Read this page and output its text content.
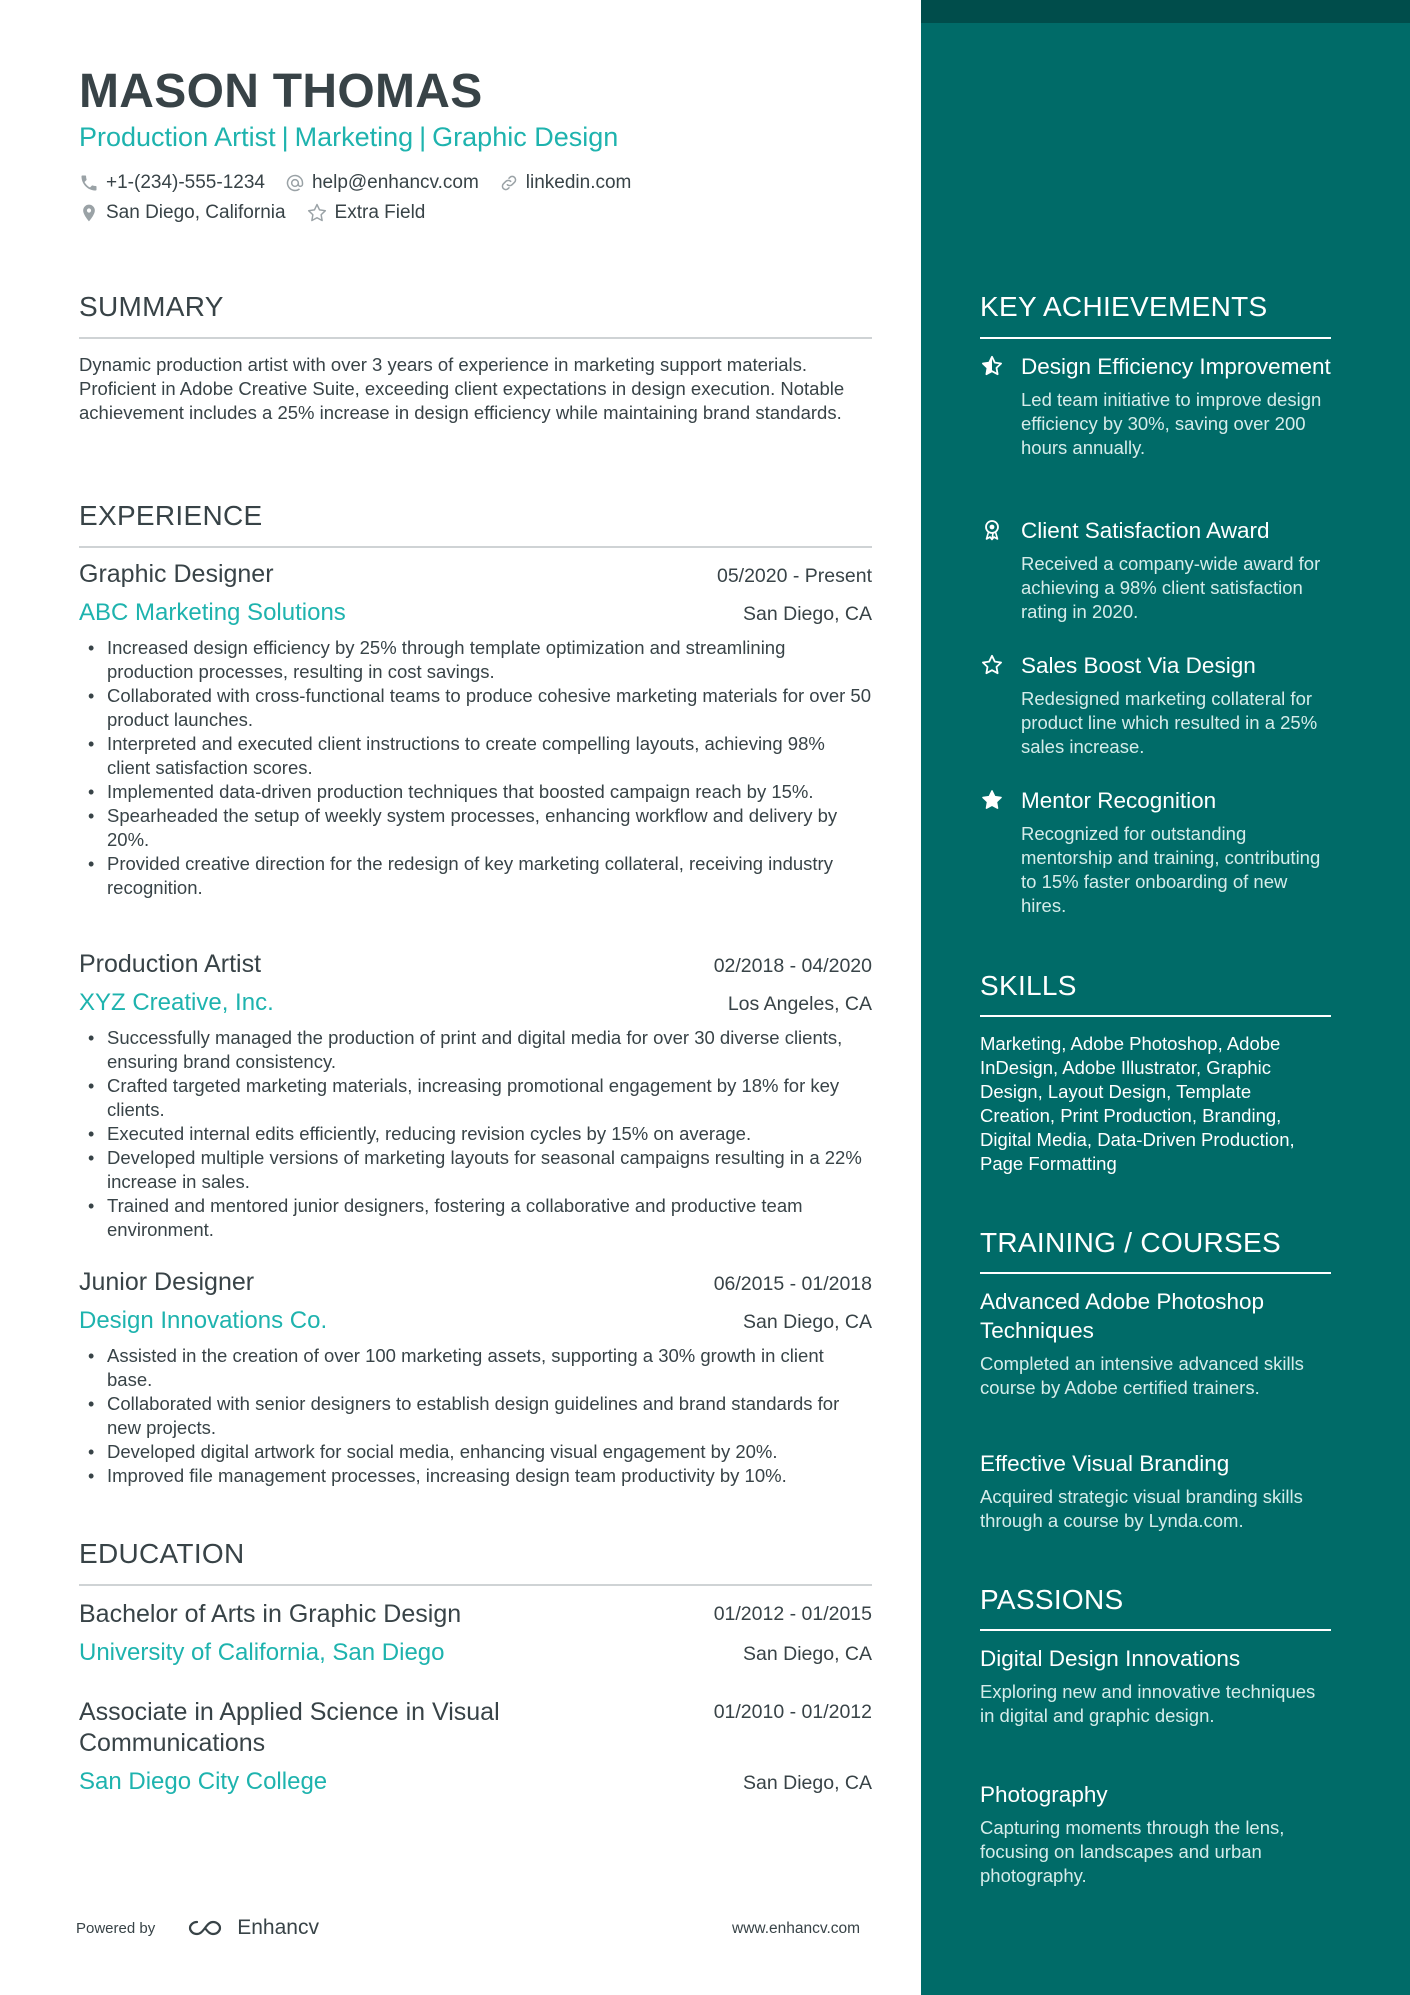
MASON THOMAS
Production Artist | Marketing | Graphic Design
+1-(234)-555-1234 help@enhancv.com linkedin.com
San Diego, California	Extra Field
SUMMARY
Dynamic production artist with over 3 years of experience in marketing support materials. Proficient in Adobe Creative Suite, exceeding client expectations in design execution. Notable achievement includes a 25% increase in design efficiency while maintaining brand standards.
EXPERIENCE
Graphic Designer	05/2020 - Present
ABC Marketing Solutions	San Diego, CA
• Increased design efficiency by 25% through template optimization and streamlining production processes, resulting in cost savings.
• Collaborated with cross-functional teams to produce cohesive marketing materials for over 50 product launches.
• Interpreted and executed client instructions to create compelling layouts, achieving 98% client satisfaction scores.
• Implemented data-driven production techniques that boosted campaign reach by 15%.
• Spearheaded the setup of weekly system processes, enhancing workflow and delivery by 20%.
• Provided creative direction for the redesign of key marketing collateral, receiving industry recognition.
Production Artist	02/2018 - 04/2020
XYZ Creative, Inc.	Los Angeles, CA
• Successfully managed the production of print and digital media for over 30 diverse clients, ensuring brand consistency.
• Crafted targeted marketing materials, increasing promotional engagement by 18% for key clients.
• Executed internal edits efficiently, reducing revision cycles by 15% on average.
• Developed multiple versions of marketing layouts for seasonal campaigns resulting in a 22% increase in sales.
• Trained and mentored junior designers, fostering a collaborative and productive team environment.
Junior Designer	06/2015 - 01/2018
Design Innovations Co.	San Diego, CA
• Assisted in the creation of over 100 marketing assets, supporting a 30% growth in client base.
• Collaborated with senior designers to establish design guidelines and brand standards for new projects.
• Developed digital artwork for social media, enhancing visual engagement by 20%.
• Improved file management processes, increasing design team productivity by 10%.
EDUCATION
Bachelor of Arts in Graphic Design	01/2012 - 01/2015
University of California, San Diego	San Diego, CA
Associate in Applied Science in Visual Communications
01/2010 - 01/2012
San Diego City College	San Diego, CA
Powered by	Enhancv	www.enhancv.com
KEY ACHIEVEMENTS
Design Efficiency Improvement
Led team initiative to improve design efficiency by 30%, saving over 200 hours annually.
Client Satisfaction Award
Received a company-wide award for achieving a 98% client satisfaction rating in 2020.
Sales Boost Via Design
Redesigned marketing collateral for product line which resulted in a 25% sales increase.
Mentor Recognition
Recognized for outstanding mentorship and training, contributing to 15% faster onboarding of new hires.
SKILLS
Marketing, Adobe Photoshop, Adobe InDesign, Adobe Illustrator, Graphic Design, Layout Design, Template Creation, Print Production, Branding, Digital Media, Data-Driven Production, Page Formatting
TRAINING / COURSES
Advanced Adobe Photoshop Techniques
Completed an intensive advanced skills course by Adobe certified trainers.
Effective Visual Branding
Acquired strategic visual branding skills through a course by Lynda.com.
PASSIONS
Digital Design Innovations
Exploring new and innovative techniques in digital and graphic design.
Photography
Capturing moments through the lens, focusing on landscapes and urban photography.
